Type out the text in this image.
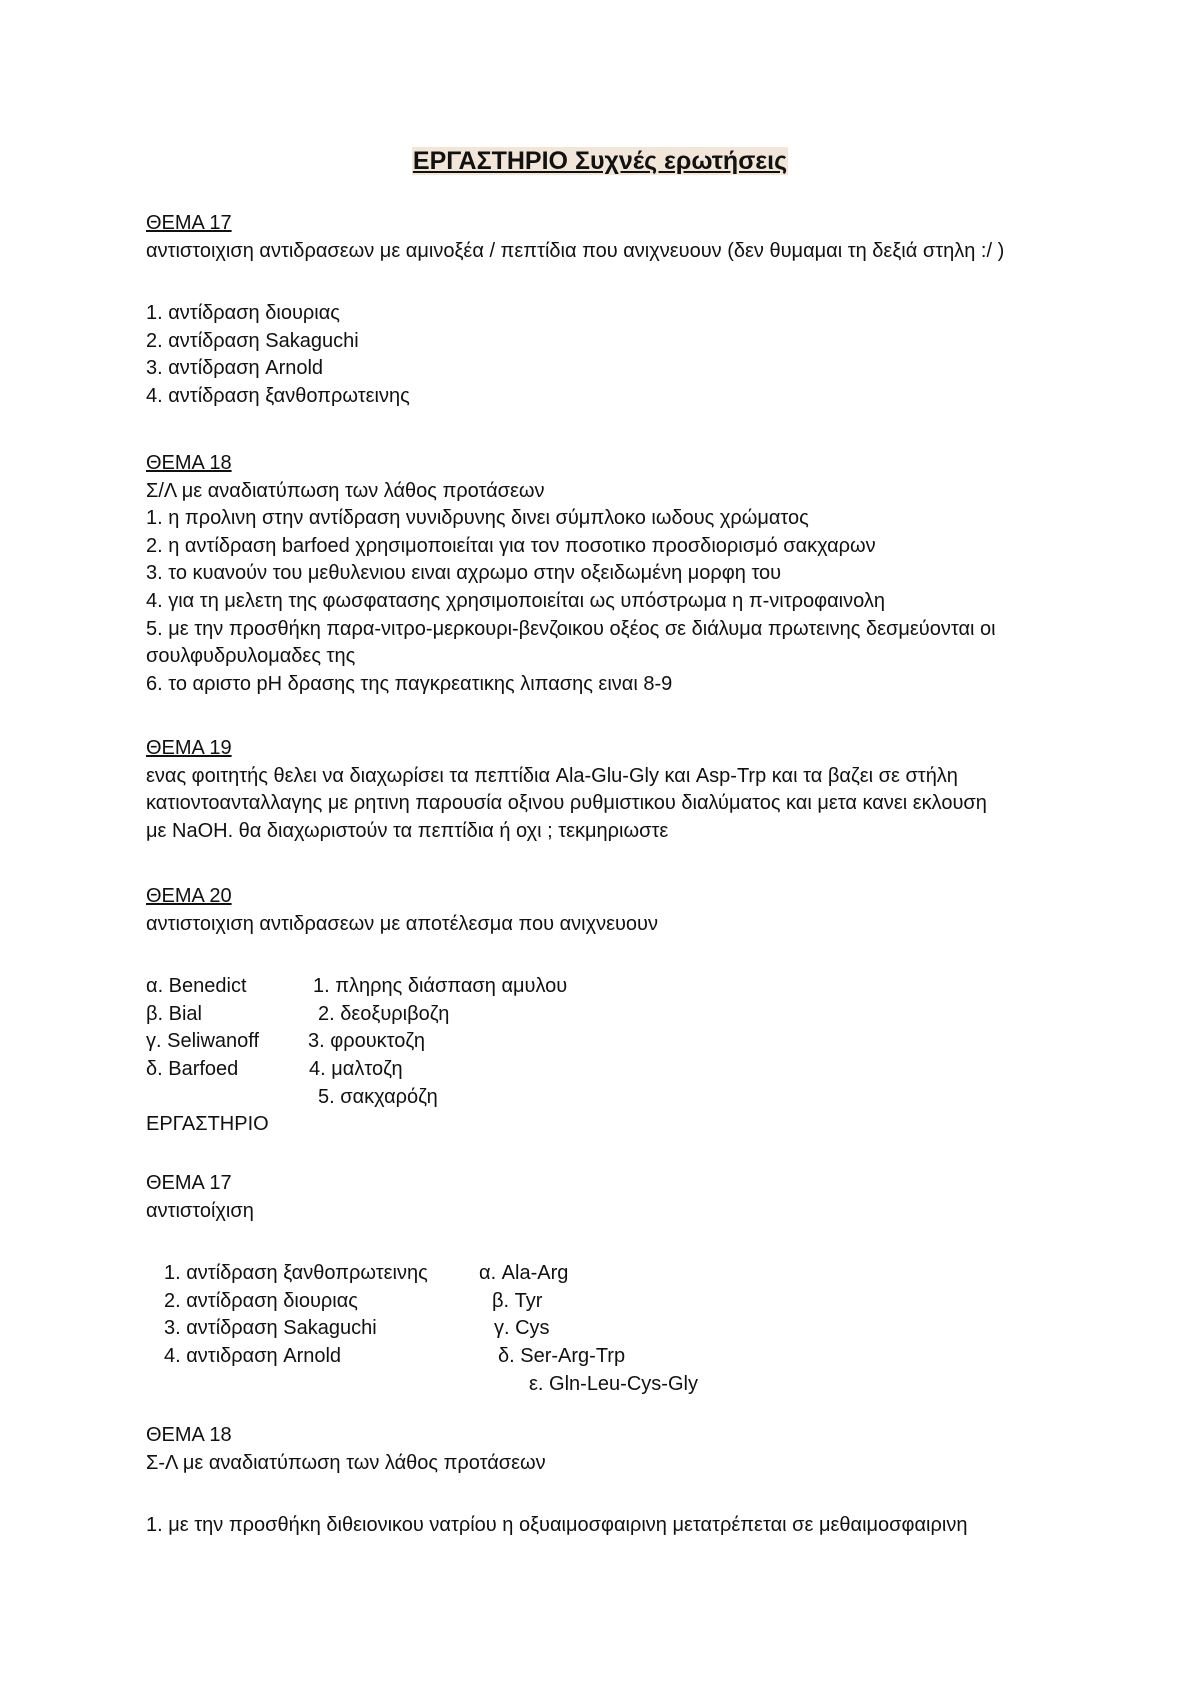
ΕΡΓΑΣΤΗΡΙΟ Συχνές ερωτήσεις
ΘΕΜΑ 17
αντιστοιχιση αντιδρασεων με αμινοξέα / πεπτίδια που ανιχνευουν (δεν θυμαμαι τη δεξιά στηλη :/ )
1. αντίδραση διουριας
2. αντίδραση Sakaguchi
3. αντίδραση Arnold
4. αντίδραση ξανθοπρωτεινης
ΘΕΜΑ 18
Σ/Λ με αναδιατύπωση των λάθος προτάσεων
1. η προλινη στην αντίδραση νυνιδρυνης δινει σύμπλοκο ιωδους χρώματος
2. η αντίδραση barfoed χρησιμοποιείται για τον ποσοτικο προσδιορισμό σακχαρων
3. το κυανούν του μεθυλενιου ειναι αχρωμο στην οξειδωμένη μορφη του
4. για τη μελετη της φωσφατασης χρησιμοποιείται ως υπόστρωμα η π-νιτροφαινολη
5. με την προσθήκη παρα-νιτρο-μερκουρι-βενζοικου οξέος σε διάλυμα πρωτεινης δεσμεύονται οι
σουλφυδρυλομαδες της
6. το αριστο pH δρασης της παγκρεατικης λιπασης ειναι 8-9
ΘΕΜΑ 19
ενας φοιτητής θελει να διαχωρίσει τα πεπτίδια Ala-Glu-Gly και Asp-Trp και τα βαζει σε στήλη
κατιοντοανταλλαγης με ρητινη παρουσία οξινου ρυθμιστικου διαλύματος και μετα κανει εκλουση
με NaOH. θα διαχωριστούν τα πεπτίδια ή οχι ; τεκμηριωστε
ΘΕΜΑ 20
αντιστοιχιση αντιδρασεων με αποτέλεσμα που ανιχνευουν
α. Benedict	1. πληρης διάσπαση αμυλου
β. Bial	2. δεοξυριβοζη
γ. Seliwanoff 3. φρουκτοζη
δ. Barfoed	4. μαλτοζη
5. σακχαρόζη
ΕΡΓΑΣΤΗΡΙΟ
ΘΕΜΑ 17
αντιστοίχιση
1. αντίδραση ξανθοπρωτεινης	α. Ala-Arg
2. αντίδραση διουριας	β. Tyr
3. αντίδραση Sakaguchi	γ. Cys
4. αντιδραση Arnold	δ. Ser-Arg-Trp
ε. Gln-Leu-Cys-Gly
ΘΕΜΑ 18
Σ-Λ με αναδιατύπωση των λάθος προτάσεων
1. με την προσθήκη διθειονικου νατρίου η οξυαιμοσφαιρινη μετατρέπεται σε μεθαιμοσφαιρινη
